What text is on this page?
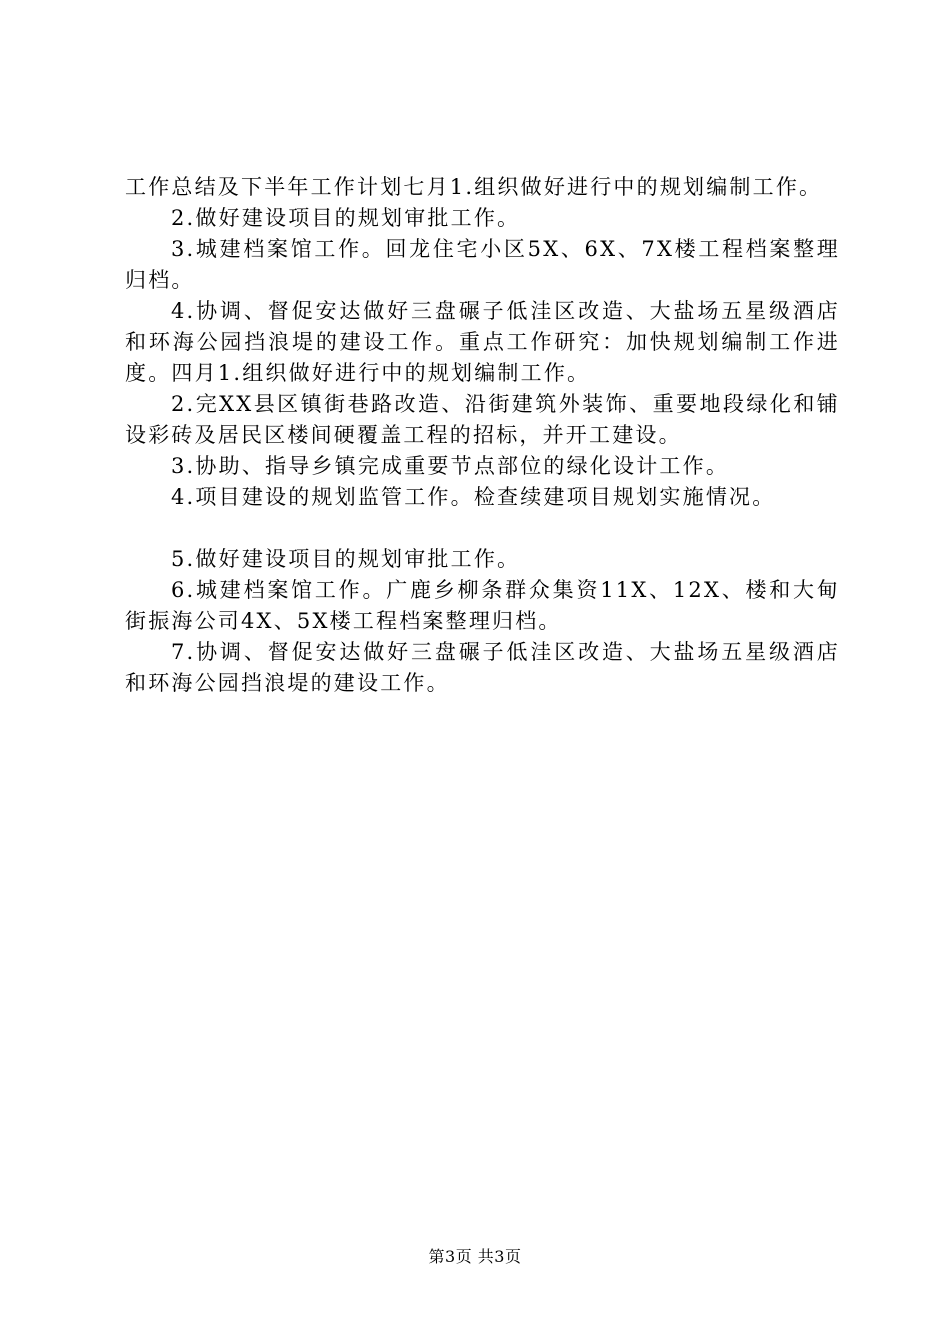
工作总结及下半年工作计划七月1.组织做好进行中的规划编制工作。

2.做好建设项目的规划审批工作。

3.城建档案馆工作。回龙住宅小区5X、6X、7X楼工程档案整理归档。

4.协调、督促安达做好三盘碾子低洼区改造、大盐场五星级酒店和环海公园挡浪堤的建设工作。重点工作研究：加快规划编制工作进度。四月1.组织做好进行中的规划编制工作。

2.完XX县区镇街巷路改造、沿街建筑外装饰、重要地段绿化和铺设彩砖及居民区楼间硬覆盖工程的招标，并开工建设。

3.协助、指导乡镇完成重要节点部位的绿化设计工作。

4.项目建设的规划监管工作。检查续建项目规划实施情况。

5.做好建设项目的规划审批工作。

6.城建档案馆工作。广鹿乡柳条群众集资11X、12X、楼和大甸街振海公司4X、5X楼工程档案整理归档。

7.协调、督促安达做好三盘碾子低洼区改造、大盐场五星级酒店和环海公园挡浪堤的建设工作。

第3页 共3页
